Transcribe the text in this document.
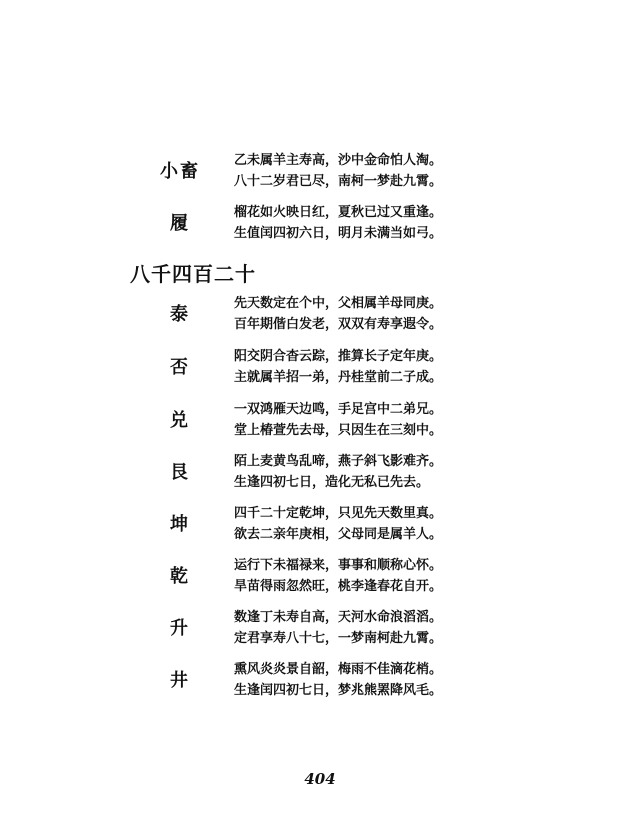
小畜
乙未属羊主寿高，沙中金命怕人淘。
八十二岁君已尽，南柯一梦赴九霄。
履
榴花如火映日红，夏秋已过又重逢。
生值闰四初六日，明月未满当如弓。
八千四百二十
泰
先天数定在个中，父相属羊母同庚。
百年期偕白发老，双双有寿享遐令。
否
阳交阴合杳云踪，推算长子定年庚。
主就属羊招一弟，丹桂堂前二子成。
兑
一双鸿雁天边鸣，手足宫中二弟兄。
堂上椿萱先去母，只因生在三刻中。
艮
陌上麦黄鸟乱啼，燕子斜飞影难齐。
生逢四初七日，造化无私已先去。
坤
四千二十定乾坤，只见先天数里真。
欲去二亲年庚相，父母同是属羊人。
乾
运行下未福禄来，事事和顺称心怀。
旱苗得雨忽然旺，桃李逢春花自开。
升
数逢丁未寿自高，天河水命浪滔滔。
定君享寿八十七，一梦南柯赴九霄。
井
熏风炎炎景自韶，梅雨不佳滴花梢。
生逢闰四初七日，梦兆熊罴降风毛。
404
